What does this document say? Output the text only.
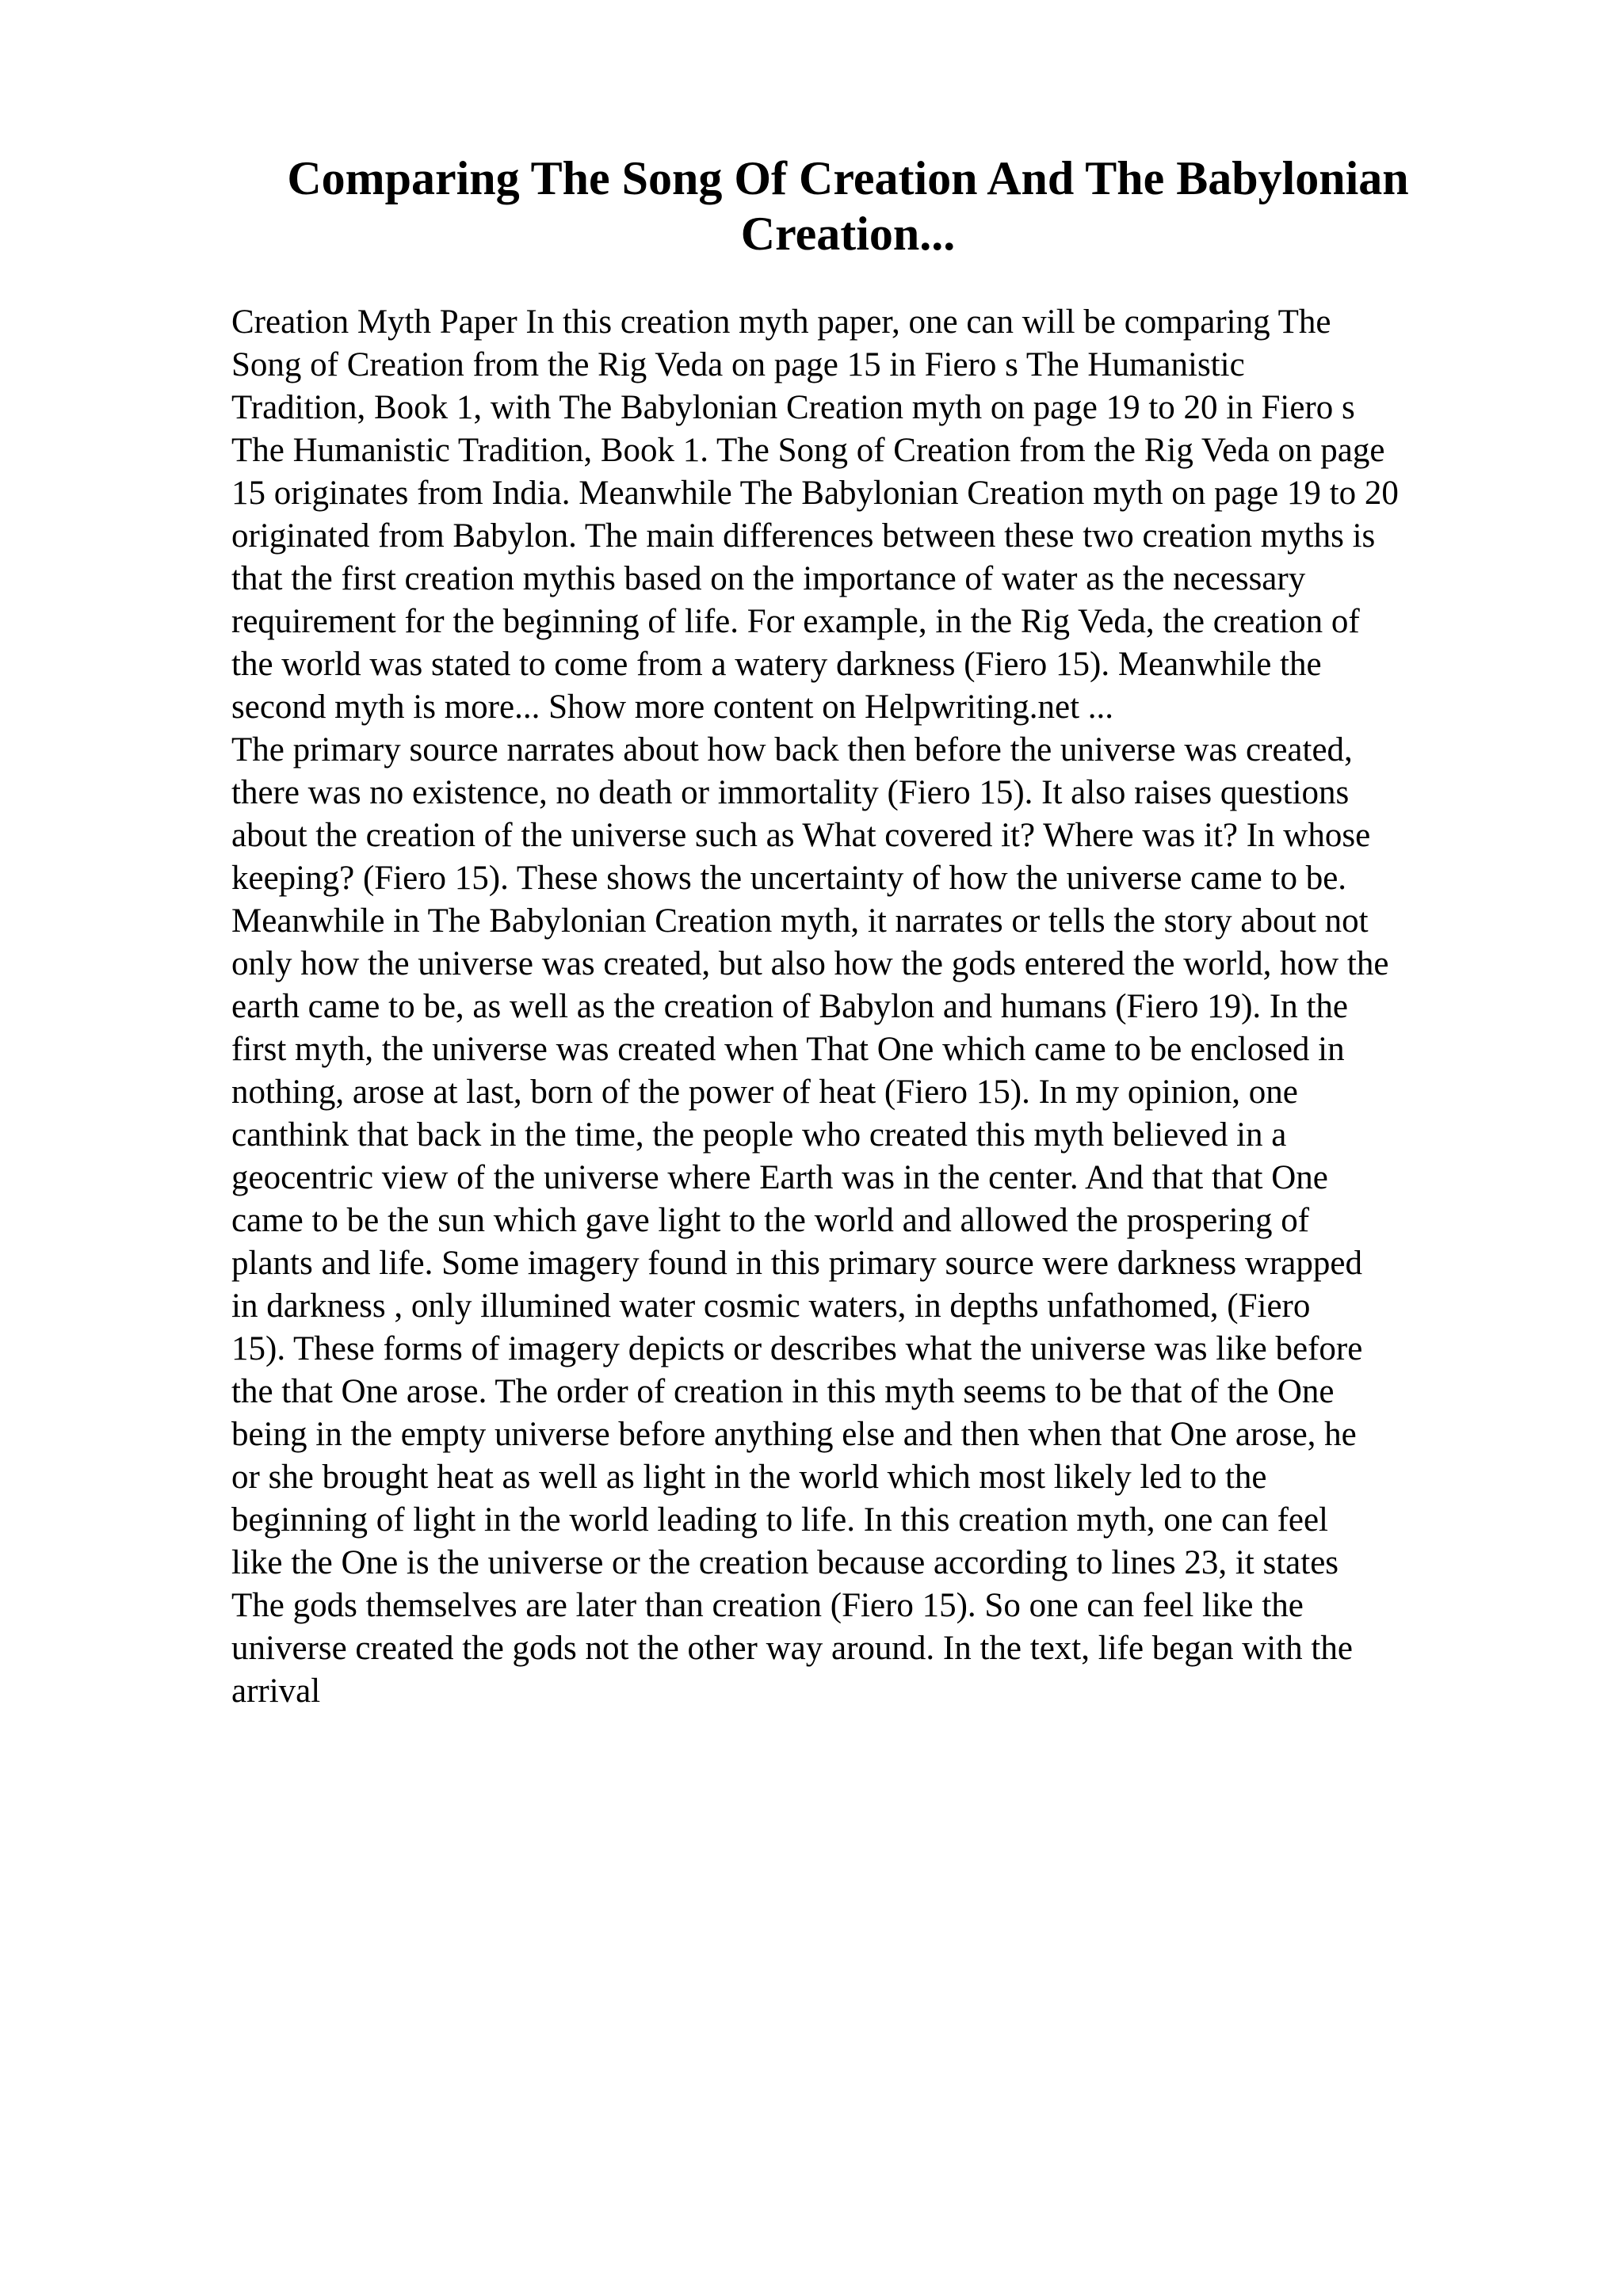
Comparing The Song Of Creation And The Babylonian
Creation...

Creation Myth Paper In this creation myth paper, one can will be comparing The
Song of Creation from the Rig Veda on page 15 in Fiero s The Humanistic
Tradition, Book 1, with The Babylonian Creation myth on page 19 to 20 in Fiero s
The Humanistic Tradition, Book 1. The Song of Creation from the Rig Veda on page
15 originates from India. Meanwhile The Babylonian Creation myth on page 19 to 20
originated from Babylon. The main differences between these two creation myths is
that the first creation mythis based on the importance of water as the necessary
requirement for the beginning of life. For example, in the Rig Veda, the creation of
the world was stated to come from a watery darkness (Fiero 15). Meanwhile the
second myth is more... Show more content on Helpwriting.net ...

The primary source narrates about how back then before the universe was created,
there was no existence, no death or immortality (Fiero 15). It also raises questions
about the creation of the universe such as What covered it? Where was it? In whose
keeping? (Fiero 15). These shows the uncertainty of how the universe came to be.
Meanwhile in The Babylonian Creation myth, it narrates or tells the story about not
only how the universe was created, but also how the gods entered the world, how the
earth came to be, as well as the creation of Babylon and humans (Fiero 19). In the
first myth, the universe was created when That One which came to be enclosed in
nothing, arose at last, born of the power of heat (Fiero 15). In my opinion, one
canthink that back in the time, the people who created this myth believed in a
geocentric view of the universe where Earth was in the center. And that that One
came to be the sun which gave light to the world and allowed the prospering of
plants and life. Some imagery found in this primary source were darkness wrapped
in darkness , only illumined water cosmic waters, in depths unfathomed, (Fiero
15). These forms of imagery depicts or describes what the universe was like before
the that One arose. The order of creation in this myth seems to be that of the One
being in the empty universe before anything else and then when that One arose, he
or she brought heat as well as light in the world which most likely led to the
beginning of light in the world leading to life. In this creation myth, one can feel
like the One is the universe or the creation because according to lines 23, it states
The gods themselves are later than creation (Fiero 15). So one can feel like the
universe created the gods not the other way around. In the text, life began with the
arrival
